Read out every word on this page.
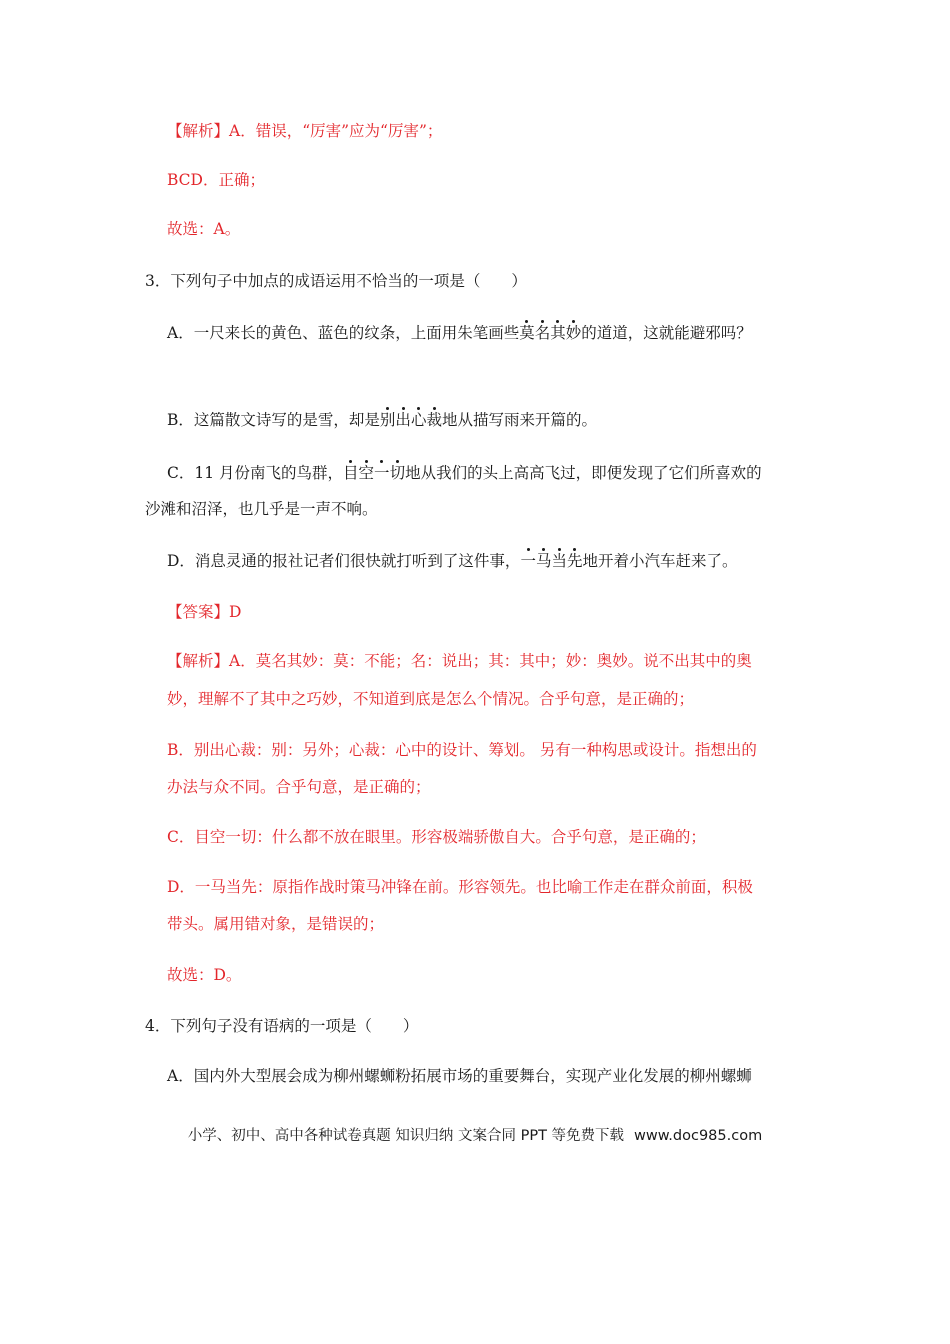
【解析】A．错误，“厉害”应为“厉害”；
BCD．正确；
故选：A。
3．下列句子中加点的成语运用不恰当的一项是（　　）
A．一尺来长的黄色、蓝色的纹条，上面用朱笔画些莫名其妙的道道，这就能避邪吗？
B．这篇散文诗写的是雪，却是别出心裁地从描写雨来开篇的。
C．11 月份南飞的鸟群，目空一切地从我们的头上高高飞过，即便发现了它们所喜欢的
沙滩和沼泽，也几乎是一声不响。
D．消息灵通的报社记者们很快就打听到了这件事，一马当先地开着小汽车赶来了。
【答案】D
【解析】A．莫名其妙：莫：不能；名：说出；其：其中；妙：奥妙。说不出其中的奥
妙，理解不了其中之巧妙，不知道到底是怎么个情况。合乎句意，是正确的；
B．别出心裁：别：另外；心裁：心中的设计、筹划。 另有一种构思或设计。指想出的
办法与众不同。合乎句意，是正确的；
C．目空一切：什么都不放在眼里。形容极端骄傲自大。合乎句意，是正确的；
D．一马当先：原指作战时策马冲锋在前。形容领先。也比喻工作走在群众前面，积极
带头。属用错对象，是错误的；
故选：D。
4．下列句子没有语病的一项是（　　）
A．国内外大型展会成为柳州螺蛳粉拓展市场的重要舞台，实现产业化发展的柳州螺蛳
小学、初中、高中各种试卷真题 知识归纳 文案合同 PPT 等免费下载 www.doc985.com
